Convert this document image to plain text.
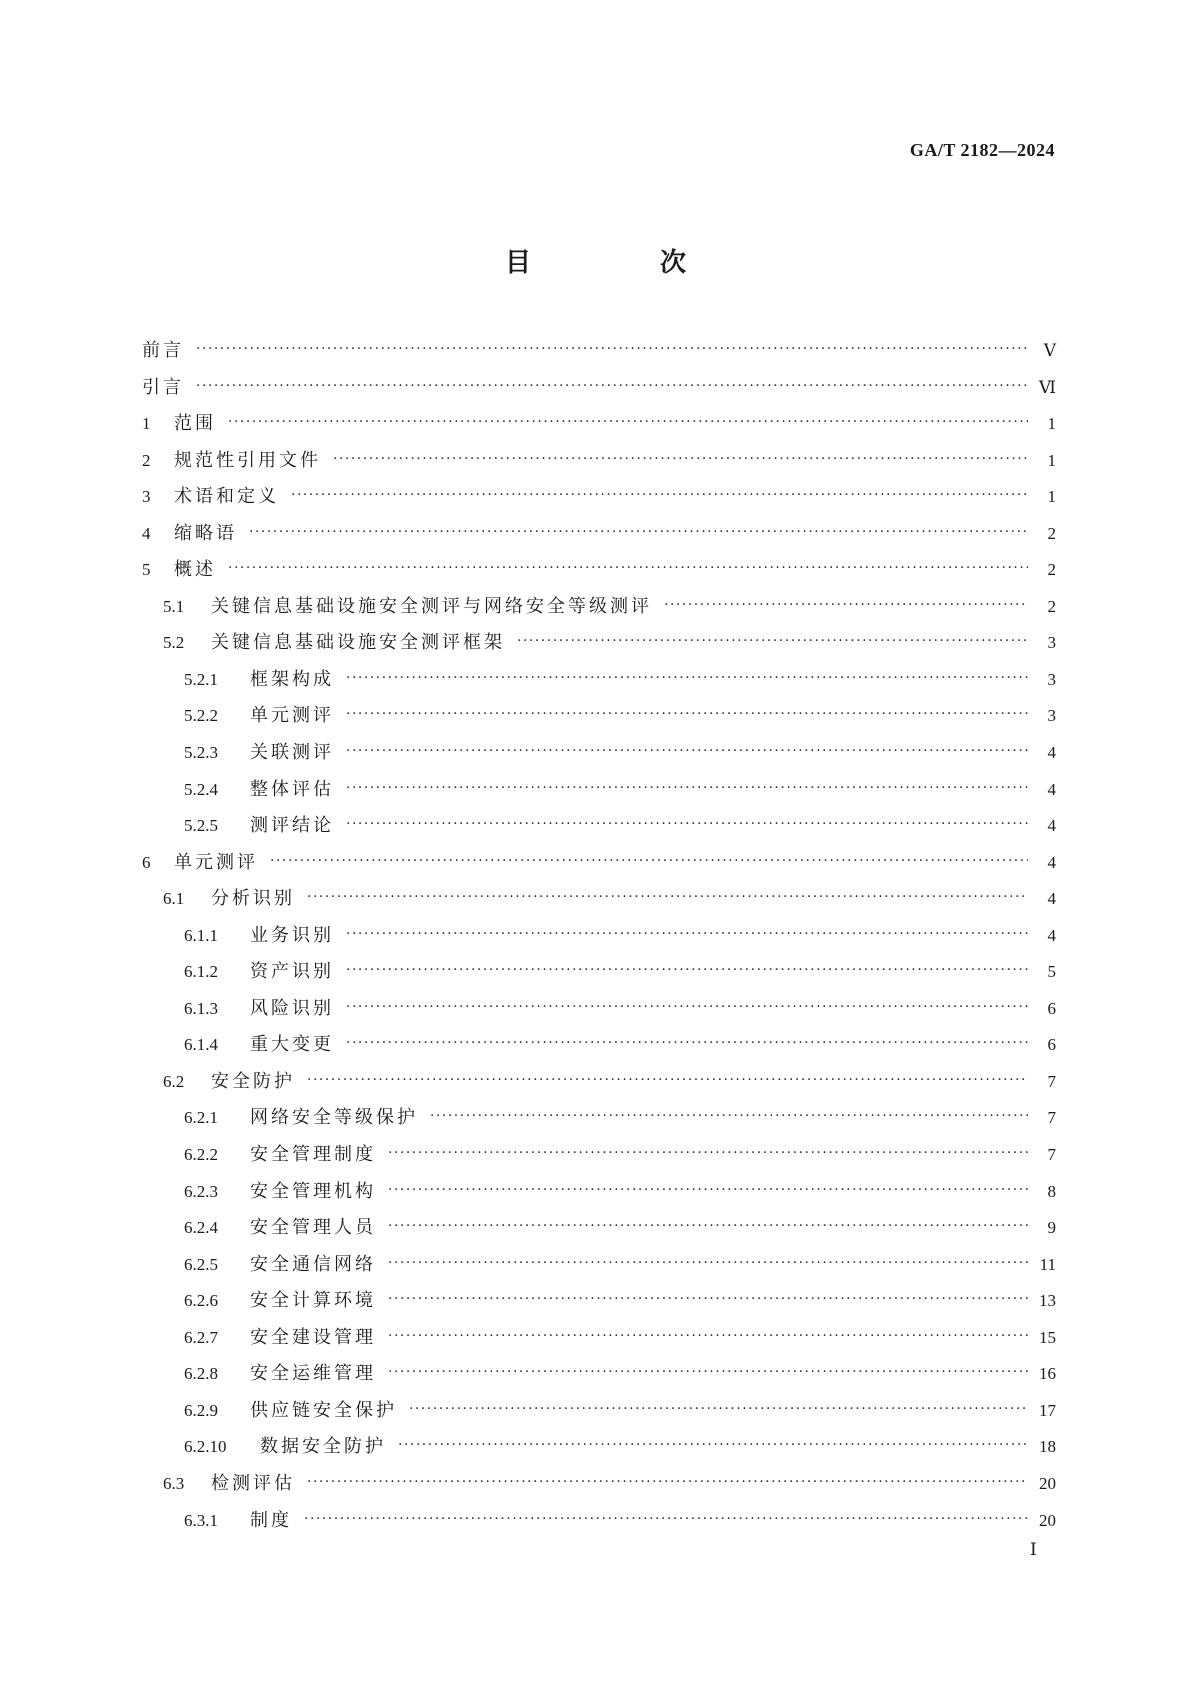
GA/T 2182—2024
目 次
前言 ·····	Ⅴ
引言 ·····	Ⅵ
1	范围 ·····	1
2	规范性引用文件 ·····	1
3	术语和定义 ·····	1
4	缩略语 ·····	2
5	概述 ·····	2
5.1	关键信息基础设施安全测评与网络安全等级测评 ·····	2
5.2	关键信息基础设施安全测评框架 ·····	3
5.2.1	框架构成 ·····	3
5.2.2	单元测评 ·····	3
5.2.3	关联测评 ·····	4
5.2.4	整体评估 ·····	4
5.2.5	测评结论 ·····	4
6	单元测评 ·····	4
6.1	分析识别 ·····	4
6.1.1	业务识别 ·····	4
6.1.2	资产识别 ·····	5
6.1.3	风险识别 ·····	6
6.1.4	重大变更 ·····	6
6.2	安全防护 ·····	7
6.2.1	网络安全等级保护 ·····	7
6.2.2	安全管理制度 ·····	7
6.2.3	安全管理机构 ·····	8
6.2.4	安全管理人员 ·····	9
6.2.5	安全通信网络 ·····	11
6.2.6	安全计算环境 ·····	13
6.2.7	安全建设管理 ·····	15
6.2.8	安全运维管理 ·····	16
6.2.9	供应链安全保护 ·····	17
6.2.10	数据安全防护 ·····	18
6.3	检测评估 ·····	20
6.3.1	制度 ·····	20
Ⅰ
